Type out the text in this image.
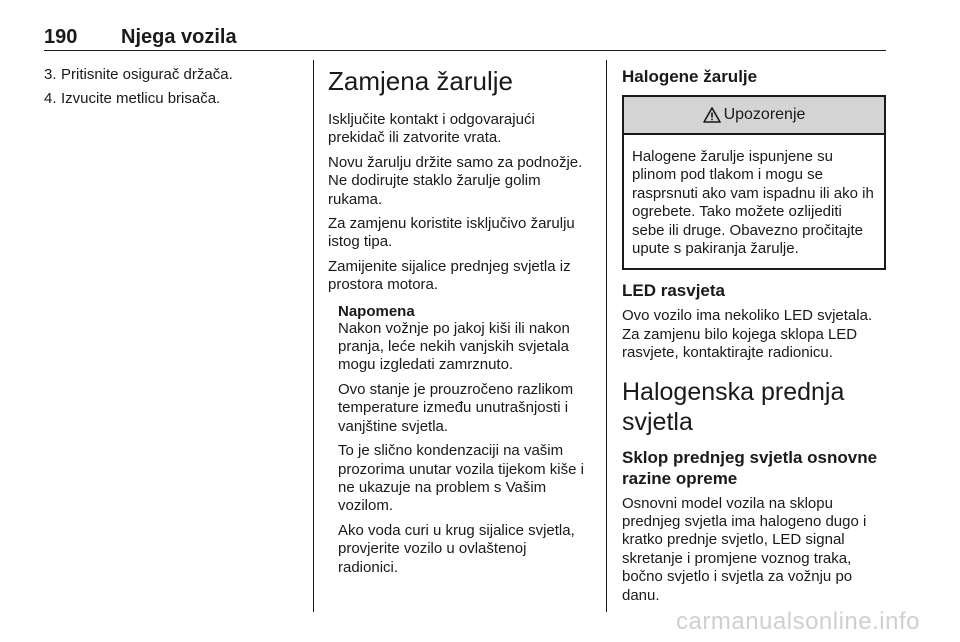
190 Njega vozila
3. Pritisnite osigurač držača.
4. Izvucite metlicu brisača.
Zamjena žarulje

Isključite kontakt i odgovarajući prekidač ili zatvorite vrata.

Novu žarulju držite samo za podnožje. Ne dodirujte staklo žarulje golim rukama.

Za zamjenu koristite isključivo žarulju istog tipa.

Zamijenite sijalice prednjeg svjetla iz prostora motora.

Napomena

Nakon vožnje po jakoj kiši ili nakon pranja, leće nekih vanjskih svjetala mogu izgledati zamrznuto.

Ovo stanje je prouzročeno razlikom temperature između unutrašnjosti i vanjštine svjetla.

To je slično kondenzaciji na vašim prozorima unutar vozila tijekom kiše i ne ukazuje na problem s Vašim vozilom.

Ako voda curi u krug sijalice svjetla, provjerite vozilo u ovlaštenoj radionici.

Halogene žarulje
Upozorenje
Halogene žarulje ispunjene su plinom pod tlakom i mogu se rasprsnuti ako vam ispadnu ili ako ih ogrebete. Tako možete ozlijediti sebe ili druge. Obavezno pročitajte upute s pakiranja žarulje.
LED rasvjeta

Ovo vozilo ima nekoliko LED svjetala. Za zamjenu bilo kojega sklopa LED rasvjete, kontaktirajte radionicu.

Halogenska prednja svjetla
Sklop prednjeg svjetla osnovne razine opreme

Osnovni model vozila na sklopu prednjeg svjetla ima halogeno dugo i kratko prednje svjetlo, LED signal skretanje i promjene voznog traka, bočno svjetlo i svjetla za vožnju po danu.

carmanualsonline.info
